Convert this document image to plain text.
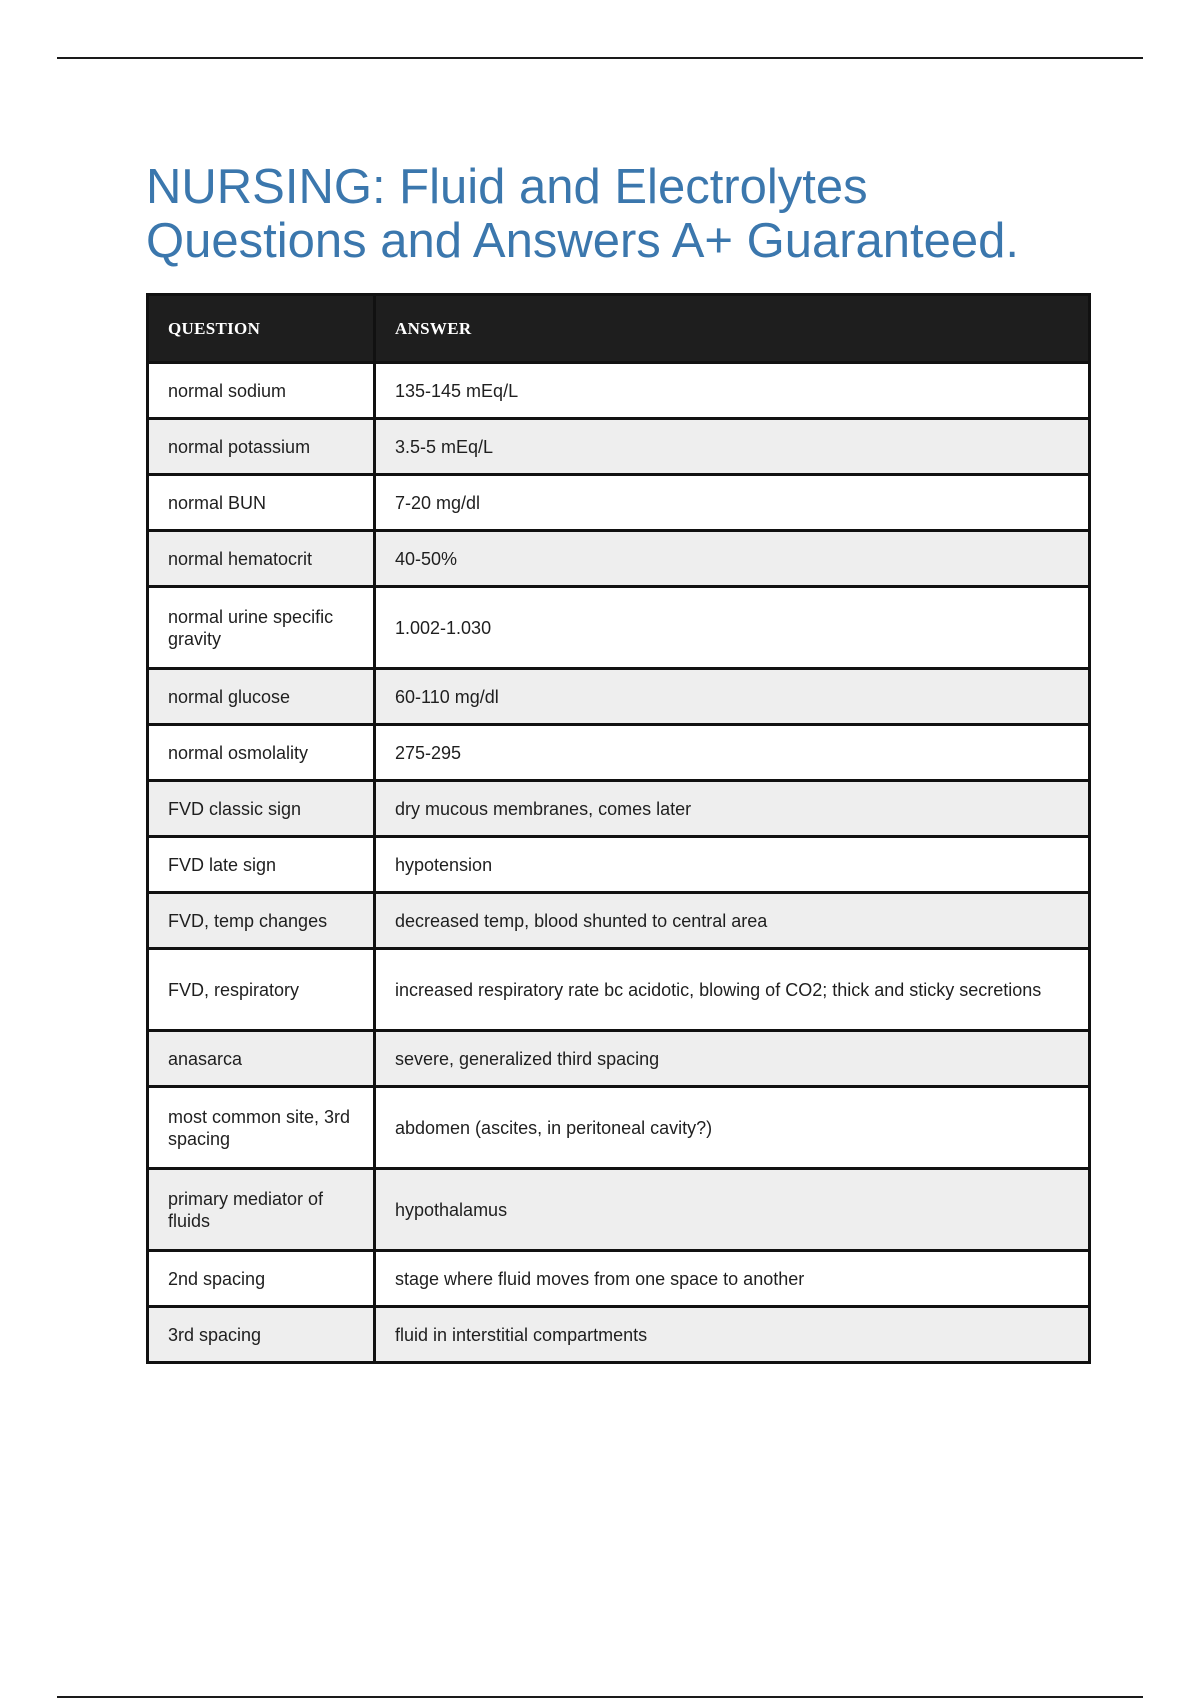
NURSING: Fluid and Electrolytes
Questions and Answers A+ Guaranteed.
QUESTION	ANSWER
normal sodium	135-145 mEq/L
normal potassium	3.5-5 mEq/L
normal BUN	7-20 mg/dl
normal hematocrit	40-50%
normal urine specific gravity	1.002-1.030
normal glucose	60-110 mg/dl
normal osmolality	275-295
FVD classic sign	dry mucous membranes, comes later
FVD late sign	hypotension
FVD, temp changes	decreased temp, blood shunted to central area
FVD, respiratory	increased respiratory rate bc acidotic, blowing of CO2; thick and sticky secretions
anasarca	severe, generalized third spacing
most common site, 3rd spacing	abdomen (ascites, in peritoneal cavity?)
primary mediator of fluids	hypothalamus
2nd spacing	stage where fluid moves from one space to another
3rd spacing	fluid in interstitial compartments
